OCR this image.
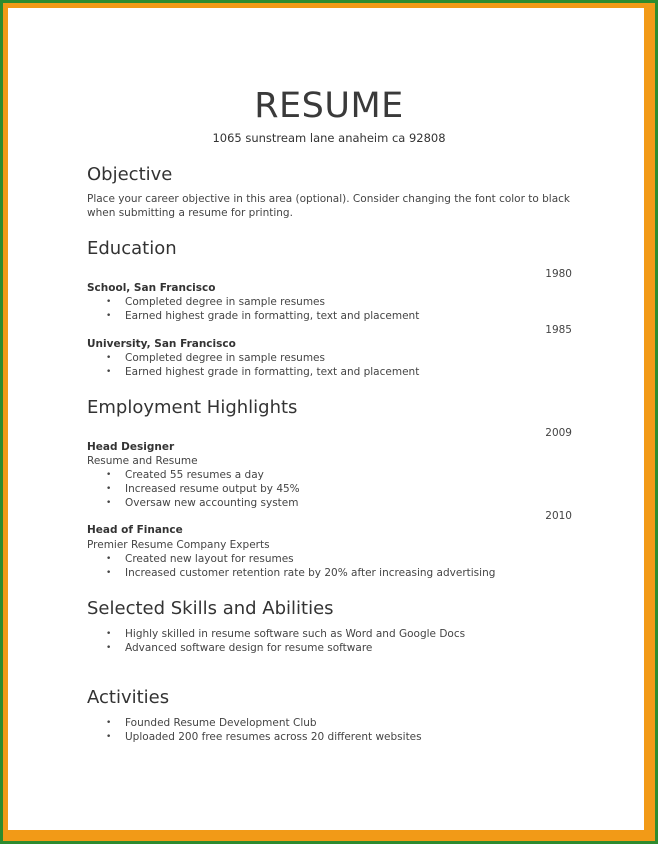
RESUME
1065 sunstream lane anaheim ca 92808
Objective
Place your career objective in this area (optional). Consider changing the font color to black
when submitting a resume for printing.
Education
1980
School, San Francisco
• Completed degree in sample resumes
• Earned highest grade in formatting, text and placement
1985
University, San Francisco
• Completed degree in sample resumes
• Earned highest grade in formatting, text and placement
Employment Highlights
2009
Head Designer
Resume and Resume
• Created 55 resumes a day
• Increased resume output by 45%
• Oversaw new accounting system
2010
Head of Finance
Premier Resume Company Experts
• Created new layout for resumes
• Increased customer retention rate by 20% after increasing advertising
Selected Skills and Abilities
• Highly skilled in resume software such as Word and Google Docs
• Advanced software design for resume software
Activities
• Founded Resume Development Club
• Uploaded 200 free resumes across 20 different websites
